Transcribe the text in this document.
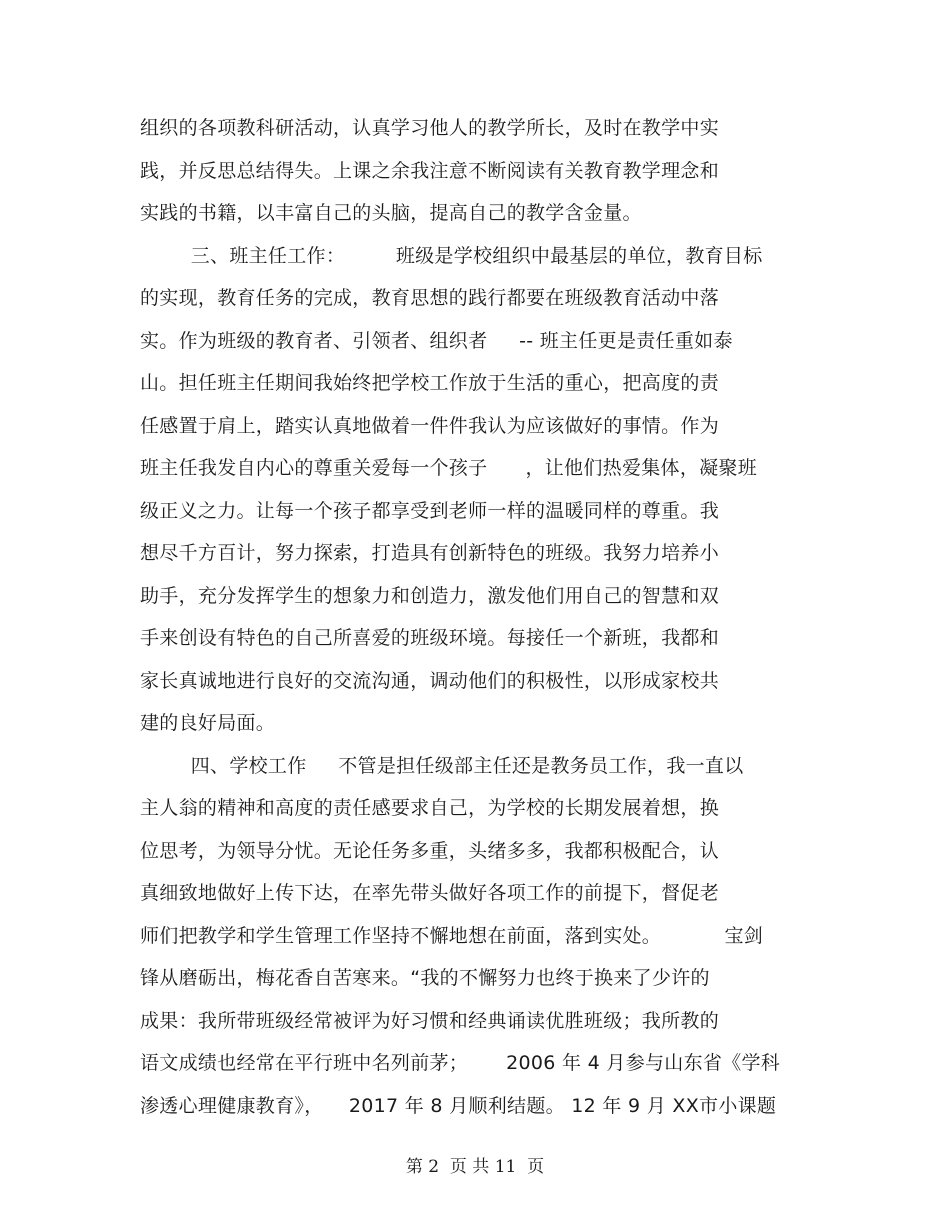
组织的各项教科研活动，认真学习他人的教学所长，及时在教学中实
践，并反思总结得失。上课之余我注意不断阅读有关教育教学理念和
实践的书籍，以丰富自己的头脑，提高自己的教学含金量。
三、班主任工作：        班级是学校组织中最基层的单位，教育目标
的实现，教育任务的完成，教育思想的践行都要在班级教育活动中落
实。作为班级的教育者、引领者、组织者     -- 班主任更是责任重如泰
山。担任班主任期间我始终把学校工作放于生活的重心，把高度的责
任感置于肩上，踏实认真地做着一件件我认为应该做好的事情。作为
班主任我发自内心的尊重关爱每一个孩子      ，让他们热爱集体，凝聚班
级正义之力。让每一个孩子都享受到老师一样的温暖同样的尊重。我
想尽千方百计，努力探索，打造具有创新特色的班级。我努力培养小
助手，充分发挥学生的想象力和创造力，激发他们用自己的智慧和双
手来创设有特色的自己所喜爱的班级环境。每接任一个新班，我都和
家长真诚地进行良好的交流沟通，调动他们的积极性，以形成家校共
建的良好局面。
四、学校工作     不管是担任级部主任还是教务员工作，我一直以
主人翁的精神和高度的责任感要求自己，为学校的长期发展着想，换
位思考，为领导分忧。无论任务多重，头绪多多，我都积极配合，认
真细致地做好上传下达，在率先带头做好各项工作的前提下，督促老
师们把教学和学生管理工作坚持不懈地想在前面，落到实处。          宝剑
锋从磨砺出，梅花香自苦寒来。“我的不懈努力也终于换来了少许的
成果：我所带班级经常被评为好习惯和经典诵读优胜班级；我所教的
语文成绩也经常在平行班中名列前茅；      2006 年 4 月参与山东省《学科
渗透心理健康教育》，    2017 年 8 月顺利结题。 12 年 9 月 XX市小课题
第 2  页 共 11  页
